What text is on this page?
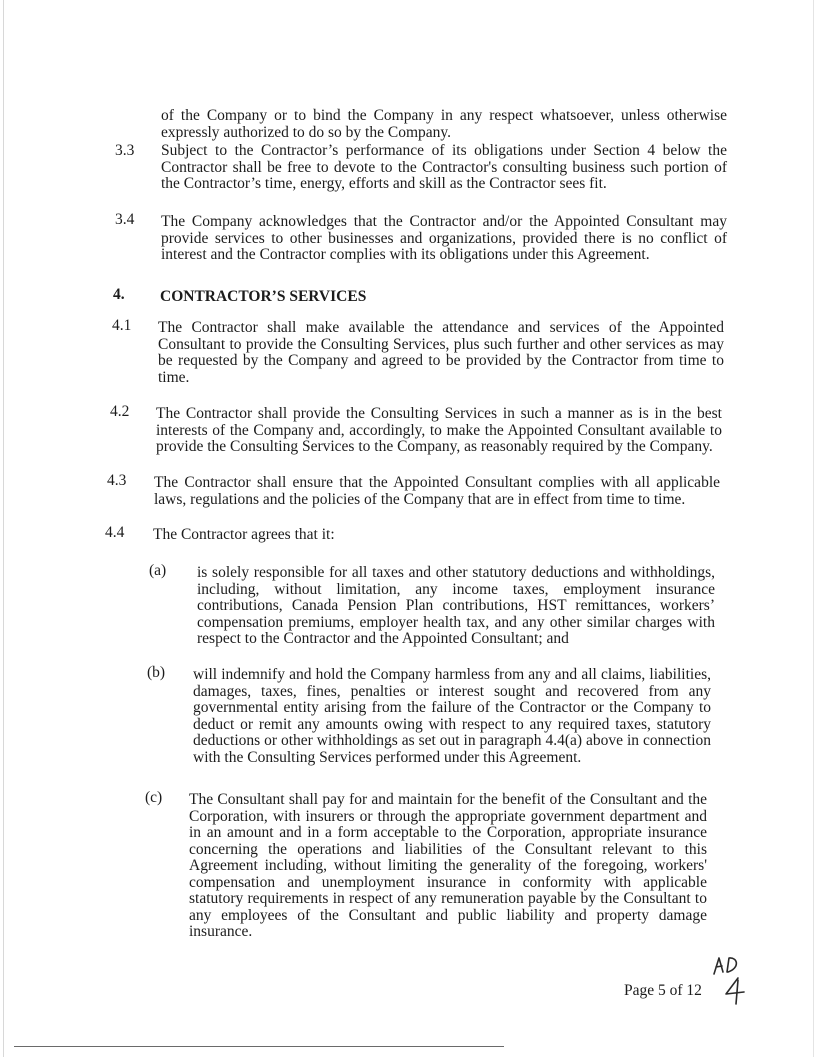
of the Company or to bind the Company in any respect whatsoever, unless otherwise expressly authorized to do so by the Company.
3.3 Subject to the Contractor’s performance of its obligations under Section 4 below the Contractor shall be free to devote to the Contractor's consulting business such portion of the Contractor’s time, energy, efforts and skill as the Contractor sees fit.
3.4 The Company acknowledges that the Contractor and/or the Appointed Consultant may provide services to other businesses and organizations, provided there is no conflict of interest and the Contractor complies with its obligations under this Agreement.
4. CONTRACTOR’S SERVICES
4.1 The Contractor shall make available the attendance and services of the Appointed Consultant to provide the Consulting Services, plus such further and other services as may be requested by the Company and agreed to be provided by the Contractor from time to time.
4.2 The Contractor shall provide the Consulting Services in such a manner as is in the best interests of the Company and, accordingly, to make the Appointed Consultant available to provide the Consulting Services to the Company, as reasonably required by the Company.
4.3 The Contractor shall ensure that the Appointed Consultant complies with all applicable laws, regulations and the policies of the Company that are in effect from time to time.
4.4 The Contractor agrees that it:
(a) is solely responsible for all taxes and other statutory deductions and withholdings, including, without limitation, any income taxes, employment insurance contributions, Canada Pension Plan contributions, HST remittances, workers’ compensation premiums, employer health tax, and any other similar charges with respect to the Contractor and the Appointed Consultant; and
(b) will indemnify and hold the Company harmless from any and all claims, liabilities, damages, taxes, fines, penalties or interest sought and recovered from any governmental entity arising from the failure of the Contractor or the Company to deduct or remit any amounts owing with respect to any required taxes, statutory deductions or other withholdings as set out in paragraph 4.4(a) above in connection with the Consulting Services performed under this Agreement.
(c) The Consultant shall pay for and maintain for the benefit of the Consultant and the Corporation, with insurers or through the appropriate government department and in an amount and in a form acceptable to the Corporation, appropriate insurance concerning the operations and liabilities of the Consultant relevant to this Agreement including, without limiting the generality of the foregoing, workers' compensation and unemployment insurance in conformity with applicable statutory requirements in respect of any remuneration payable by the Consultant to any employees of the Consultant and public liability and property damage insurance.
Page 5 of 12
